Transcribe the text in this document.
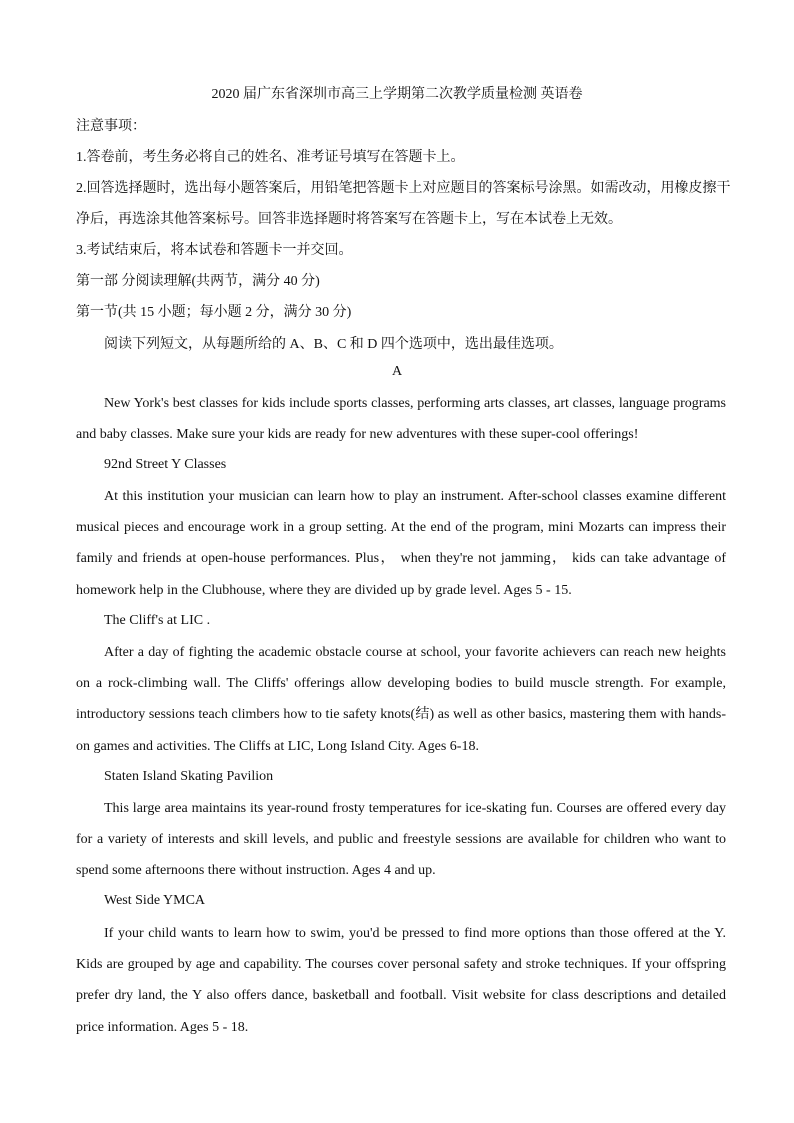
2020 届广东省深圳市高三上学期第二次教学质量检测 英语卷
注意事项：
1.答卷前，考生务必将自己的姓名、准考证号填写在答题卡上。
2.回答选择题时，选出每小题答案后，用铅笔把答题卡上对应题目的答案标号涂黑。如需改动，用橡皮擦干
净后，再选涂其他答案标号。回答非选择题时将答案写在答题卡上，写在本试卷上无效。
3.考试结束后，将本试卷和答题卡一并交回。
第一部 分阅读理解(共两节，满分 40 分)
第一节(共 15 小题；每小题 2 分，满分 30 分)
阅读下列短文，从每题所给的 A、B、C 和 D 四个选项中，选出最佳选项。
A

New York's best classes for kids include sports classes, performing arts classes, art classes, language programs and baby classes. Make sure your kids are ready for new adventures with these super-cool offerings!

92nd Street Y Classes

At this institution your musician can learn how to play an instrument. After-school classes examine different musical pieces and encourage work in a group setting. At the end of the program, mini Mozarts can impress their family and friends at open-house performances. Plus， when they're not jamming， kids can take advantage of homework help in the Clubhouse, where they are divided up by grade level. Ages 5 - 15.

The Cliff's at LIC .

After a day of fighting the academic obstacle course at school, your favorite achievers can reach new heights on a rock-climbing wall. The Cliffs' offerings allow developing bodies to build muscle strength. For example, introductory sessions teach climbers how to tie safety knots(结) as well as other basics, mastering them with hands-on games and activities. The Cliffs at LIC, Long Island City. Ages 6-18.

Staten Island Skating Pavilion

This large area maintains its year-round frosty temperatures for ice-skating fun. Courses are offered every day for a variety of interests and skill levels, and public and freestyle sessions are available for children who want to spend some afternoons there without instruction. Ages 4 and up.

West Side YMCA

If your child wants to learn how to swim, you'd be pressed to find more options than those offered at the Y. Kids are grouped by age and capability. The courses cover personal safety and stroke techniques. If your offspring prefer dry land, the Y also offers dance, basketball and football. Visit website for class descriptions and detailed price information. Ages 5 - 18.
